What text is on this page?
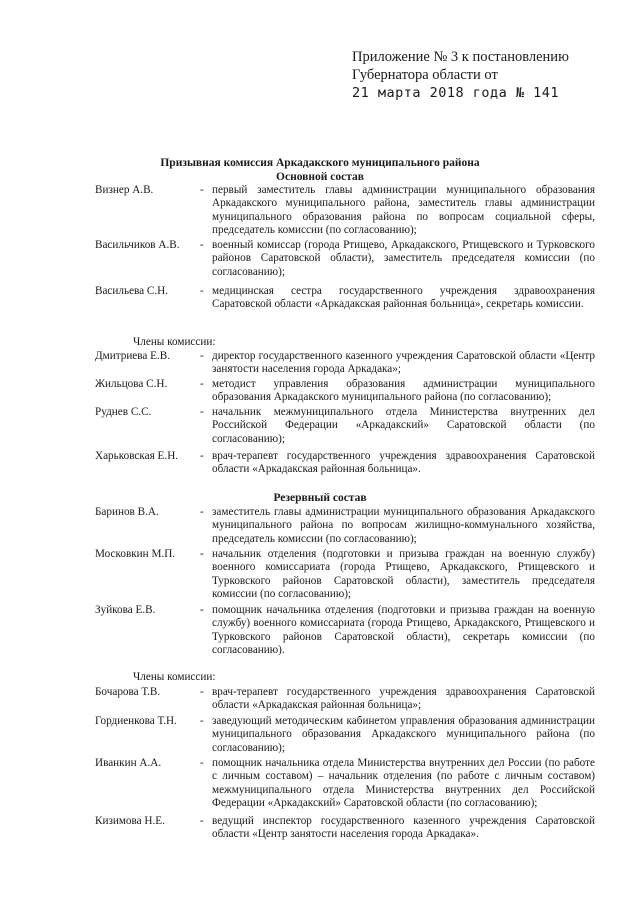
Приложение № 3 к постановлению
Губернатора области от
21 марта 2018 года № 141
Призывная комиссия Аркадакского муниципального района
Основной состав
Визнер А.В.	- первый заместитель главы администрации муниципального образования Аркадакского муниципального района, заместитель главы администрации муниципального образования района по вопросам социальной сферы, председатель комиссии (по согласованию);
Васильчиков А.В.	- военный комиссар (города Ртищево, Аркадакского, Ртищевского и Турковского районов Саратовской области), заместитель председателя комиссии (по согласованию);
Васильева С.Н.	- медицинская сестра государственного учреждения здравоохранения Саратовской области «Аркадакская районная больница», секретарь комиссии.
Члены комиссии:
Дмитриева Е.В.	- директор государственного казенного учреждения Саратовской области «Центр занятости населения города Аркадака»;
Жильцова С.Н.	- методист управления образования администрации муниципального образования Аркадакского муниципального района (по согласованию);
Руднев С.С.	- начальник межмуниципального отдела Министерства внутренних дел Российской Федерации «Аркадакский» Саратовской области (по согласованию);
Харьковская Е.Н.	- врач-терапевт государственного учреждения здравоохранения Саратовской области «Аркадакская районная больница».
Резервный состав
Баринов В.А.	- заместитель главы администрации муниципального образования Аркадакского муниципального района по вопросам жилищно-коммунального хозяйства, председатель комиссии (по согласованию);
Московкин М.П.	- начальник отделения (подготовки и призыва граждан на военную службу) военного комиссариата (города Ртищево, Аркадакского, Ртищевского и Турковского районов Саратовской области), заместитель председателя комиссии (по согласованию);
Зуйкова Е.В.	- помощник начальника отделения (подготовки и призыва граждан на военную службу) военного комиссариата (города Ртищево, Аркадакского, Ртищевского и Турковского районов Саратовской области), секретарь комиссии (по согласованию).
Члены комиссии:
Бочарова Т.В.	- врач-терапевт государственного учреждения здравоохранения Саратовской области «Аркадакская районная больница»;
Гордиенкова Т.Н.	- заведующий методическим кабинетом управления образования администрации муниципального образования Аркадакского муниципального района (по согласованию);
Иванкин А.А.	- помощник начальника отдела Министерства внутренних дел России (по работе с личным составом) – начальник отделения (по работе с личным составом) межмуниципального отдела Министерства внутренних дел Российской Федерации «Аркадакский» Саратовской области (по согласованию);
Кизимова Н.Е.	- ведущий инспектор государственного казенного учреждения Саратовской области «Центр занятости населения города Аркадака».
